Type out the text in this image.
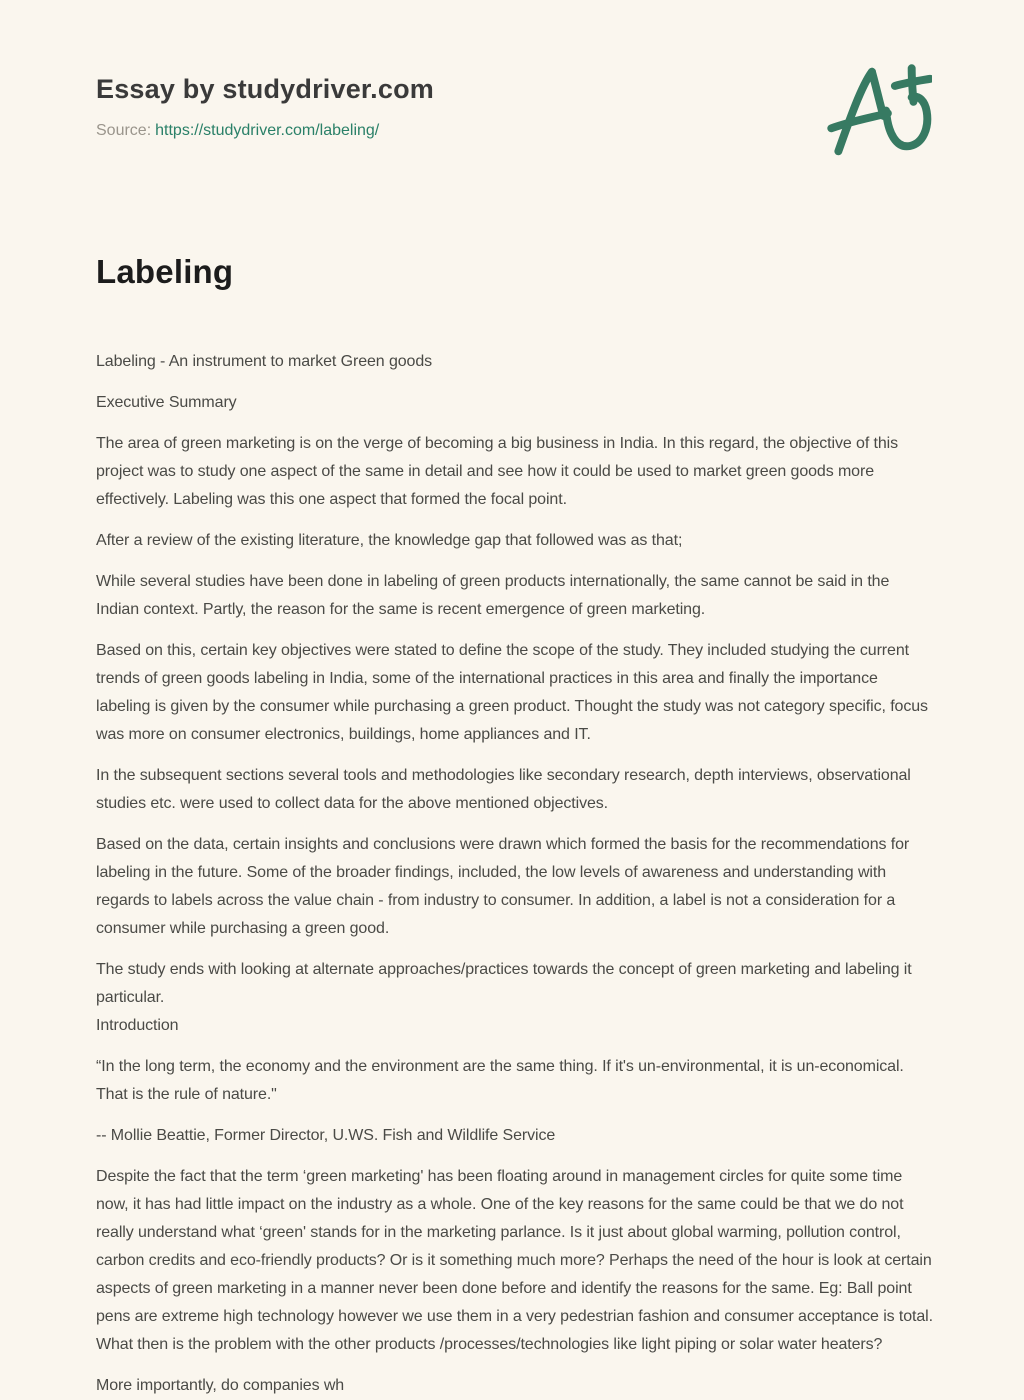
Essay by studydriver.com
Source: https://studydriver.com/labeling/
Labeling

Labeling - An instrument to market Green goods

Executive Summary

The area of green marketing is on the verge of becoming a big business in India. In this regard, the objective of this project was to study one aspect of the same in detail and see how it could be used to market green goods more effectively. Labeling was this one aspect that formed the focal point.

After a review of the existing literature, the knowledge gap that followed was as that;

While several studies have been done in labeling of green products internationally, the same cannot be said in the Indian context. Partly, the reason for the same is recent emergence of green marketing.

Based on this, certain key objectives were stated to define the scope of the study. They included studying the current trends of green goods labeling in India, some of the international practices in this area and finally the importance labeling is given by the consumer while purchasing a green product. Thought the study was not category specific, focus was more on consumer electronics, buildings, home appliances and IT.

In the subsequent sections several tools and methodologies like secondary research, depth interviews, observational studies etc. were used to collect data for the above mentioned objectives.

Based on the data, certain insights and conclusions were drawn which formed the basis for the recommendations for labeling in the future. Some of the broader findings, included, the low levels of awareness and understanding with regards to labels across the value chain - from industry to consumer. In addition, a label is not a consideration for a consumer while purchasing a green good.

The study ends with looking at alternate approaches/practices towards the concept of green marketing and labeling it particular.
Introduction

“In the long term, the economy and the environment are the same thing. If it's un-environmental, it is un-economical. That is the rule of nature."

-- Mollie Beattie, Former Director, U.WS. Fish and Wildlife Service

Despite the fact that the term ‘green marketing' has been floating around in management circles for quite some time now, it has had little impact on the industry as a whole. One of the key reasons for the same could be that we do not really understand what ‘green' stands for in the marketing parlance. Is it just about global warming, pollution control, carbon credits and eco-friendly products? Or is it something much more? Perhaps the need of the hour is look at certain aspects of green marketing in a manner never been done before and identify the reasons for the same. Eg: Ball point pens are extreme high technology however we use them in a very pedestrian fashion and consumer acceptance is total. What then is the problem with the other products /processes/technologies like light piping or solar water heaters?

More importantly, do companies wh
